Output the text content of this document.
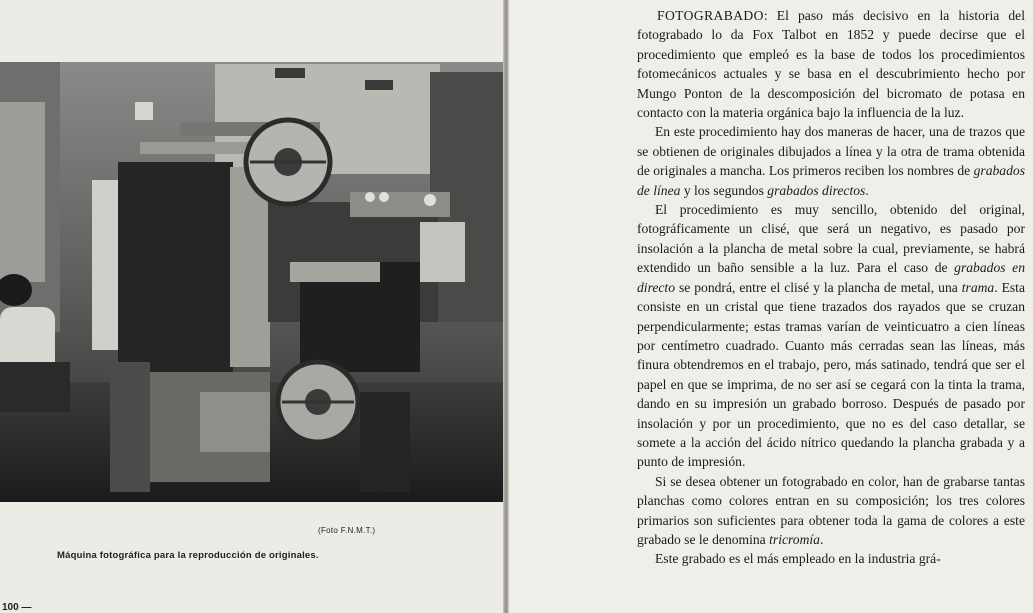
(Foto F.N.M.T.)
Máquina fotográfica para la reproducción de originales.
100 —

FOTOGRABADO: El paso más decisivo en la historia del fotograbado lo da Fox Talbot en 1852 y puede decirse que el procedimiento que empleó es la base de todos los procedimientos fotomecánicos actuales y se basa en el descubrimiento hecho por Mungo Ponton de la descomposición del bicromato de potasa en contacto con la materia orgánica bajo la influencia de la luz.

En este procedimiento hay dos maneras de hacer, una de trazos que se obtienen de originales dibujados a línea y la otra de trama obtenida de originales a mancha. Los primeros reciben los nombres de grabados de línea y los segundos grabados directos.

El procedimiento es muy sencillo, obtenido del original, fotográficamente un clisé, que será un negativo, es pasado por insolación a la plancha de metal sobre la cual, previamente, se habrá extendido un baño sensible a la luz. Para el caso de grabados en directo se pondrá, entre el clisé y la plancha de metal, una trama. Esta consiste en un cristal que tiene trazados dos rayados que se cruzan perpendicularmente; estas tramas varían de veinticuatro a cien líneas por centímetro cuadrado. Cuanto más cerradas sean las líneas, más finura obtendremos en el trabajo, pero, más satinado, tendrá que ser el papel en que se imprima, de no ser así se cegará con la tinta la trama, dando en su impresión un grabado borroso. Después de pasado por insolación y por un procedimiento, que no es del caso detallar, se somete a la acción del ácido nítrico quedando la plancha grabada y a punto de impresión.

Si se desea obtener un fotograbado en color, han de grabarse tantas planchas como colores entran en su composición; los tres colores primarios son suficientes para obtener toda la gama de colores a este grabado se le denomina tricromía.

Este grabado es el más empleado en la industria grá-
